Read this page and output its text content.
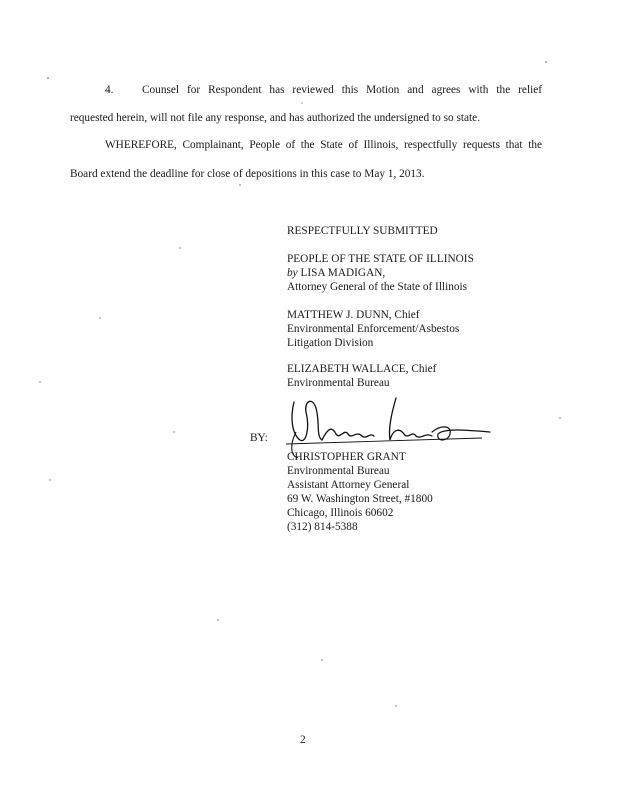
4.	Counsel for Respondent has reviewed this Motion and agrees with the relief
requested herein, will not file any response, and has authorized the undersigned to so state.
WHEREFORE, Complainant, People of the State of Illinois, respectfully requests that the
Board extend the deadline for close of depositions in this case to May 1, 2013.
RESPECTFULLY SUBMITTED
PEOPLE OF THE STATE OF ILLINOIS
by LISA MADIGAN,
Attorney General of the State of Illinois
MATTHEW J. DUNN, Chief
Environmental Enforcement/Asbestos
Litigation Division
ELIZABETH WALLACE, Chief
Environmental Bureau
BY:
CHRISTOPHER GRANT
Environmental Bureau
Assistant Attorney General
69 W. Washington Street, #1800
Chicago, Illinois 60602
(312) 814-5388
2
